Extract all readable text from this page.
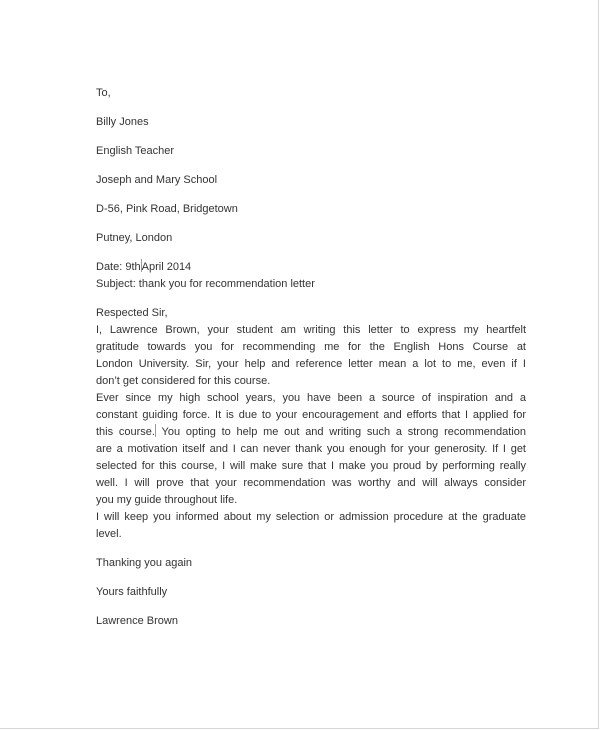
To,

Billy Jones

English Teacher

Joseph and Mary School

D-56, Pink Road, Bridgetown

Putney, London

Date: 9thApril 2014

Subject: thank you for recommendation letter

Respected Sir,

I, Lawrence Brown, your student am writing this letter to express my heartfelt
gratitude towards you for recommending me for the English Hons Course at
London University. Sir, your help and reference letter mean a lot to me, even if I
don’t get considered for this course.
Ever since my high school years, you have been a source of inspiration and a
constant guiding force. It is due to your encouragement and efforts that I applied for
this course. You opting to help me out and writing such a strong recommendation
are a motivation itself and I can never thank you enough for your generosity. If I get
selected for this course, I will make sure that I make you proud by performing really
well. I will prove that your recommendation was worthy and will always consider
you my guide throughout life.
I will keep you informed about my selection or admission procedure at the graduate
level.

Thanking you again

Yours faithfully

Lawrence Brown
